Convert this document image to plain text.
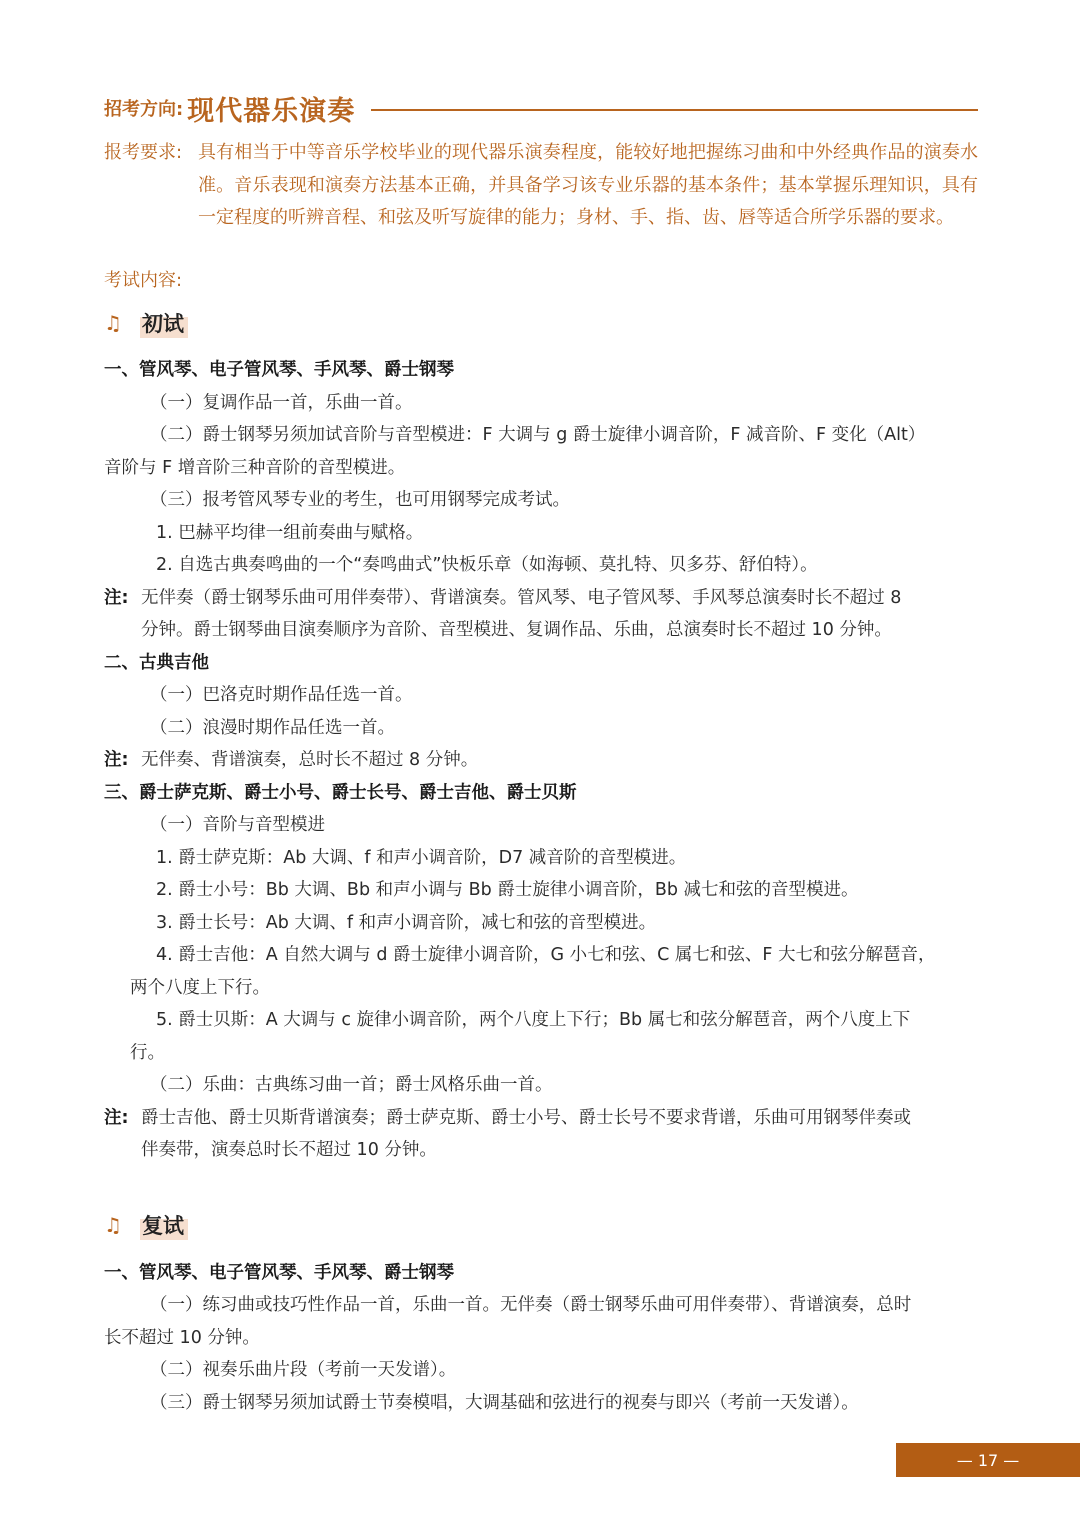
招考方向: 现代器乐演奏
报考要求: 具有相当于中等音乐学校毕业的现代器乐演奏程度，能较好地把握练习曲和中外经典作品的演奏水准。音乐表现和演奏方法基本正确，并具备学习该专业乐器的基本条件；基本掌握乐理知识，具有一定程度的听辨音程、和弦及听写旋律的能力；身材、手、指、齿、唇等适合所学乐器的要求。
考试内容:
♫ 初试
一、管风琴、电子管风琴、手风琴、爵士钢琴
（一）复调作品一首，乐曲一首。
（二）爵士钢琴另须加试音阶与音型模进：F 大调与 g 爵士旋律小调音阶，F 减音阶、F 变化（Alt）
音阶与 F 增音阶三种音阶的音型模进。
（三）报考管风琴专业的考生，也可用钢琴完成考试。
1. 巴赫平均律一组前奏曲与赋格。
2. 自选古典奏鸣曲的一个“奏鸣曲式”快板乐章（如海顿、莫扎特、贝多芬、舒伯特）。
注: 无伴奏（爵士钢琴乐曲可用伴奏带）、背谱演奏。管风琴、电子管风琴、手风琴总演奏时长不超过 8
分钟。爵士钢琴曲目演奏顺序为音阶、音型模进、复调作品、乐曲，总演奏时长不超过 10 分钟。
二、古典吉他
（一）巴洛克时期作品任选一首。
（二）浪漫时期作品任选一首。
注: 无伴奏、背谱演奏，总时长不超过 8 分钟。
三、爵士萨克斯、爵士小号、爵士长号、爵士吉他、爵士贝斯
（一）音阶与音型模进
1. 爵士萨克斯：Ab 大调、f 和声小调音阶，D7 减音阶的音型模进。
2. 爵士小号：Bb 大调、Bb 和声小调与 Bb 爵士旋律小调音阶，Bb 减七和弦的音型模进。
3. 爵士长号：Ab 大调、f 和声小调音阶，减七和弦的音型模进。
4. 爵士吉他：A 自然大调与 d 爵士旋律小调音阶，G 小七和弦、C 属七和弦、F 大七和弦分解琶音，
两个八度上下行。
5. 爵士贝斯：A 大调与 c 旋律小调音阶，两个八度上下行；Bb 属七和弦分解琶音，两个八度上下
行。
（二）乐曲：古典练习曲一首；爵士风格乐曲一首。
注: 爵士吉他、爵士贝斯背谱演奏；爵士萨克斯、爵士小号、爵士长号不要求背谱，乐曲可用钢琴伴奏或
伴奏带，演奏总时长不超过 10 分钟。
♫ 复试
一、管风琴、电子管风琴、手风琴、爵士钢琴
（一）练习曲或技巧性作品一首，乐曲一首。无伴奏（爵士钢琴乐曲可用伴奏带）、背谱演奏，总时
长不超过 10 分钟。
（二）视奏乐曲片段（考前一天发谱）。
（三）爵士钢琴另须加试爵士节奏模唱，大调基础和弦进行的视奏与即兴（考前一天发谱）。
— 17 —
